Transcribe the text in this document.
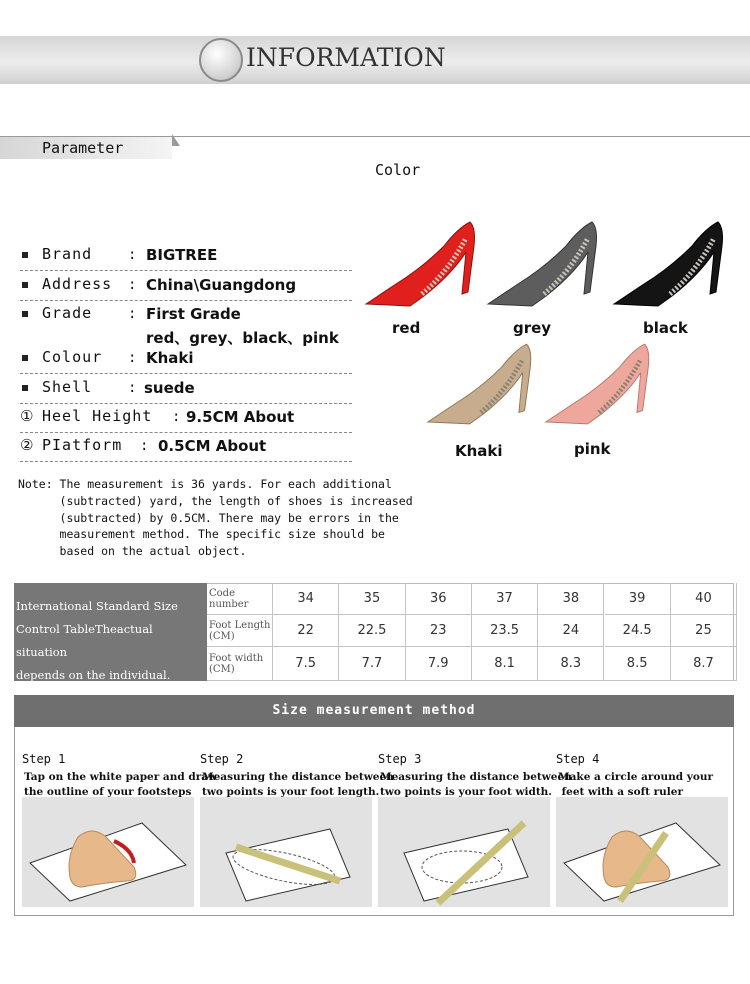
INFORMATION
Parameter
Color
Brand	: BIGTREE
Address : China\Guangdong
Grade	: First Grade
red、grey、black、pink
Colour : Khaki
Shell	: suede
① Heel Height : 9.5CM About
② PIatform : 0.5CM About
red	grey	black
Khaki	pink
Note: The measurement is 36 yards. For each additional
(subtracted) yard, the length of shoes is increased
(subtracted) by 0.5CM. There may be errors in the
measurement method. The specific size should be
based on the actual object.
International Standard Size
Control TableTheactual situation
depends on the individual.
Code number	34	35	36	37	38	39	40
Foot Length (CM)	22	22.5	23	23.5	24	24.5	25
Foot width (CM)	7.5	7.7	7.9	8.1	8.3	8.5	8.7
Size measurement method
Step 1
Tap on the white paper and draw
the outline of your footsteps
Step 2
Measuring the distance between
two points is your foot length.
Step 3
Measuring the distance between
two points is your foot width.
Step 4
Make a circle around your
feet with a soft ruler
